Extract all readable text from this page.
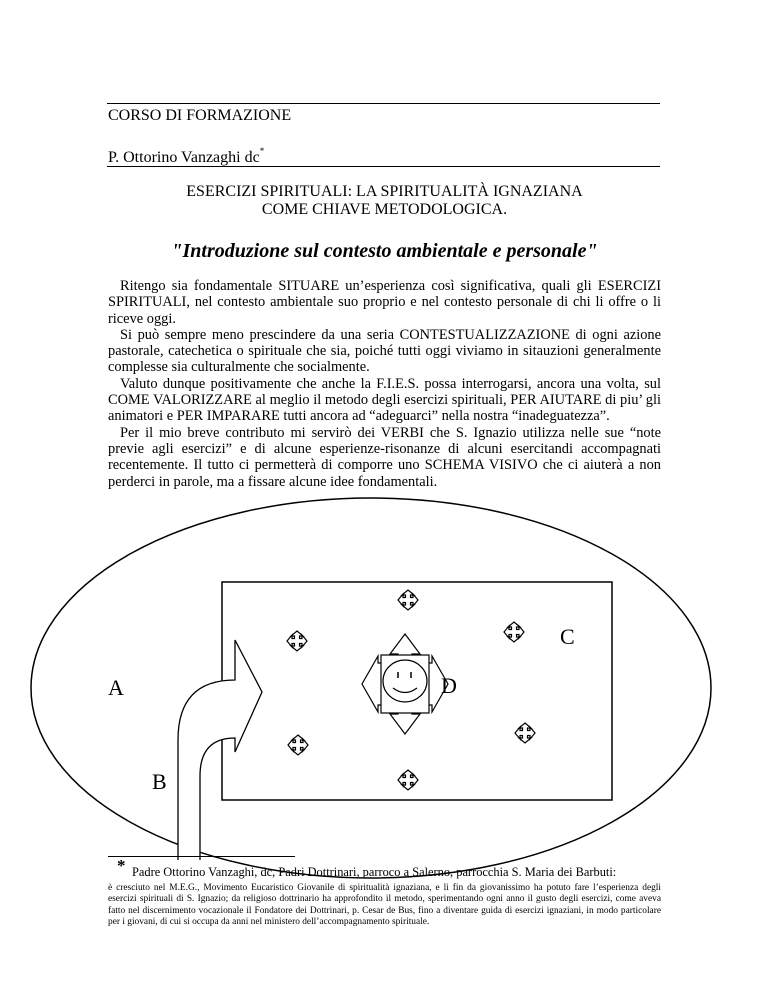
CORSO DI FORMAZIONE
P. Ottorino Vanzaghi dc*
ESERCIZI SPIRITUALI: LA SPIRITUALITÀ IGNAZIANA
COME CHIAVE METODOLOGICA.
"Introduzione sul contesto ambientale e personale"

Ritengo sia fondamentale SITUARE un’esperienza così significativa, quali gli ESERCIZI SPIRITUALI, nel contesto ambientale suo proprio e nel contesto personale di chi li offre o li riceve oggi.

Si può sempre meno prescindere da una seria CONTESTUALIZZAZIONE di ogni azione pastorale, catechetica o spirituale che sia, poiché tutti oggi viviamo in sitauzioni generalmente complesse sia culturalmente che socialmente.

Valuto dunque positivamente che anche la F.I.E.S. possa interrogarsi, ancora una volta, sul COME VALORIZZARE al meglio il metodo degli esercizi spirituali, PER AIUTARE di piu’ gli animatori e PER IMPARARE tutti ancora ad “adeguarci” nella nostra “inadeguatezza”.

Per il mio breve contributo mi servirò dei VERBI che S. Ignazio utilizza nelle sue “note previe agli esercizi” e di alcune esperienze-risonanze di alcuni esercitandi accompagnati recentemente. Il tutto ci permetterà di comporre uno SCHEMA VISIVO che ci aiuterà a non perderci in parole, ma a fissare alcune idee fondamentali.

A
B
C
D
* Padre Ottorino Vanzaghi, dc, Padri Dottrinari, parroco a Salerno, parrocchia S. Maria dei Barbuti:
è cresciuto nel M.E.G., Movimento Eucaristico Giovanile di spiritualità ignaziana, e lì fin da giovanissimo ha potuto fare l’esperienza degli esercizi spirituali di S. Ignazio; da religioso dottrinario ha approfondito il metodo, sperimentando ogni anno il gusto degli esercizi, come aveva fatto nel discernimento vocazionale il Fondatore dei Dottrinari, p. Cesar de Bus, fino a diventare guida di esercizi ignaziani, in modo particolare per i giovani, di cui si occupa da anni nel ministero dell’accompagnamento spirituale.
